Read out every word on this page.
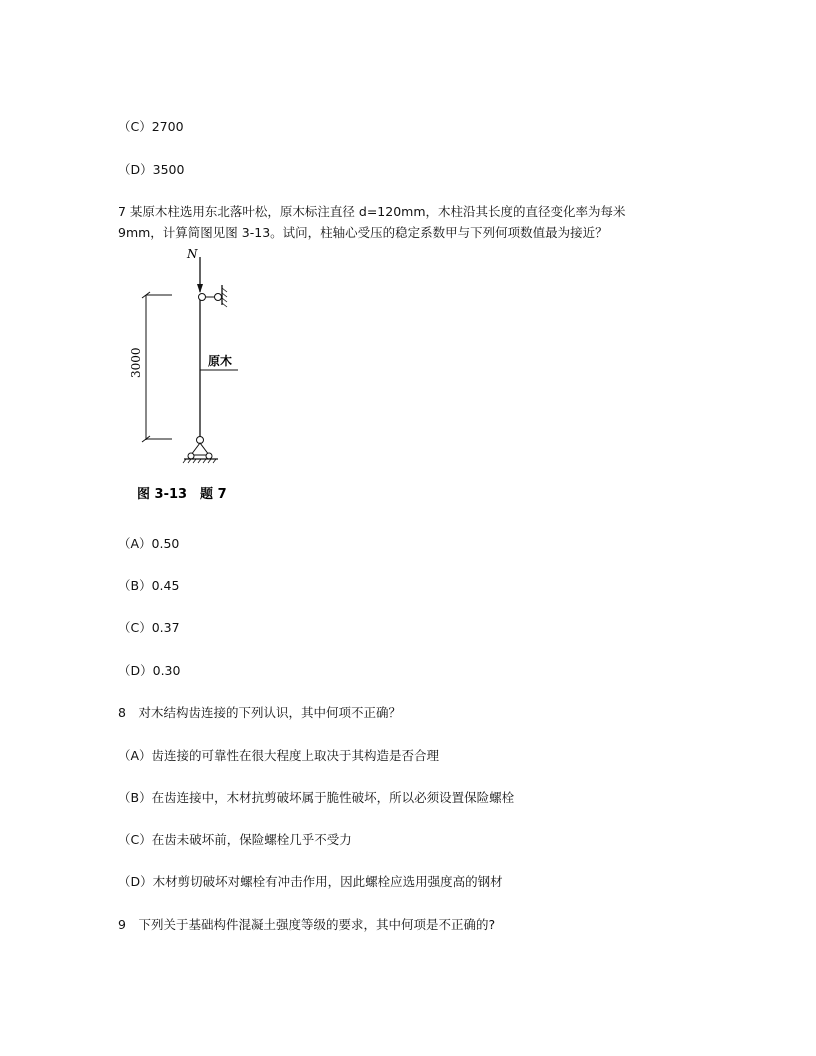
（C）2700
（D）3500
7 某原木柱选用东北落叶松，原木标注直径 d=120mm，木柱沿其长度的直径变化率为每米
9mm，计算简图见图 3-13。试问，柱轴心受压的稳定系数甲与下列何项数值最为接近？
N
原木
3000
图 3-13　题 7
（A）0.50
（B）0.45
（C）0.37
（D）0.30
8　对木结构齿连接的下列认识，其中何项不正确？
（A）齿连接的可靠性在很大程度上取决于其构造是否合理
（B）在齿连接中，木材抗剪破坏属于脆性破坏，所以必须设置保险螺栓
（C）在齿未破坏前，保险螺栓几乎不受力
（D）木材剪切破坏对螺栓有冲击作用，因此螺栓应选用强度高的钢材
9　下列关于基础构件混凝土强度等级的要求，其中何项是不正确的?
